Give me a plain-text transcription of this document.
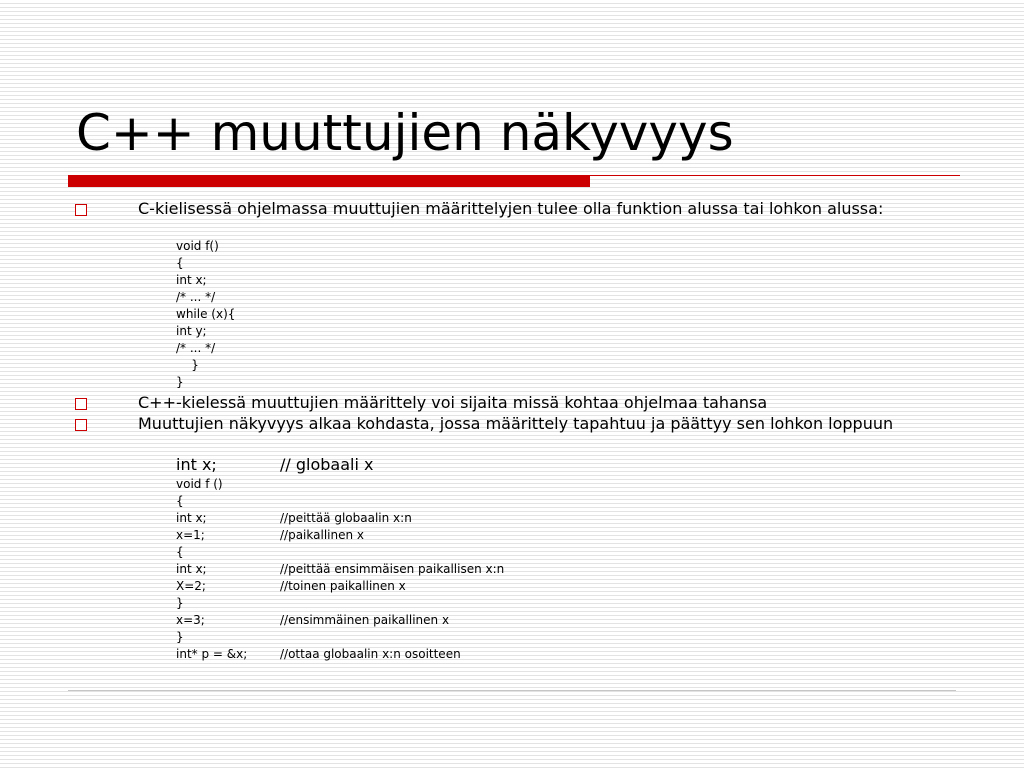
C++ muuttujien näkyvyys
C-kielisessä ohjelmassa muuttujien määrittelyjen tulee olla funktion alussa tai lohkon alussa:
void f()
{
int x;
/* ... */
while (x){
int y;
/* ... */
}
}
C++-kielessä muuttujien määrittely voi sijaita missä kohtaa ohjelmaa tahansa
Muuttujien näkyvyys alkaa kohdasta, jossa määrittely tapahtuu ja päättyy sen lohkon loppuun
int x;	// globaali x
void f ()
{
int x;	//peittää globaalin x:n
x=1;	//paikallinen x
{
int x;	//peittää ensimmäisen paikallisen x:n
X=2;	//toinen paikallinen x
}
x=3;	//ensimmäinen paikallinen x
}
int* p = &x;	//ottaa globaalin x:n osoitteen
